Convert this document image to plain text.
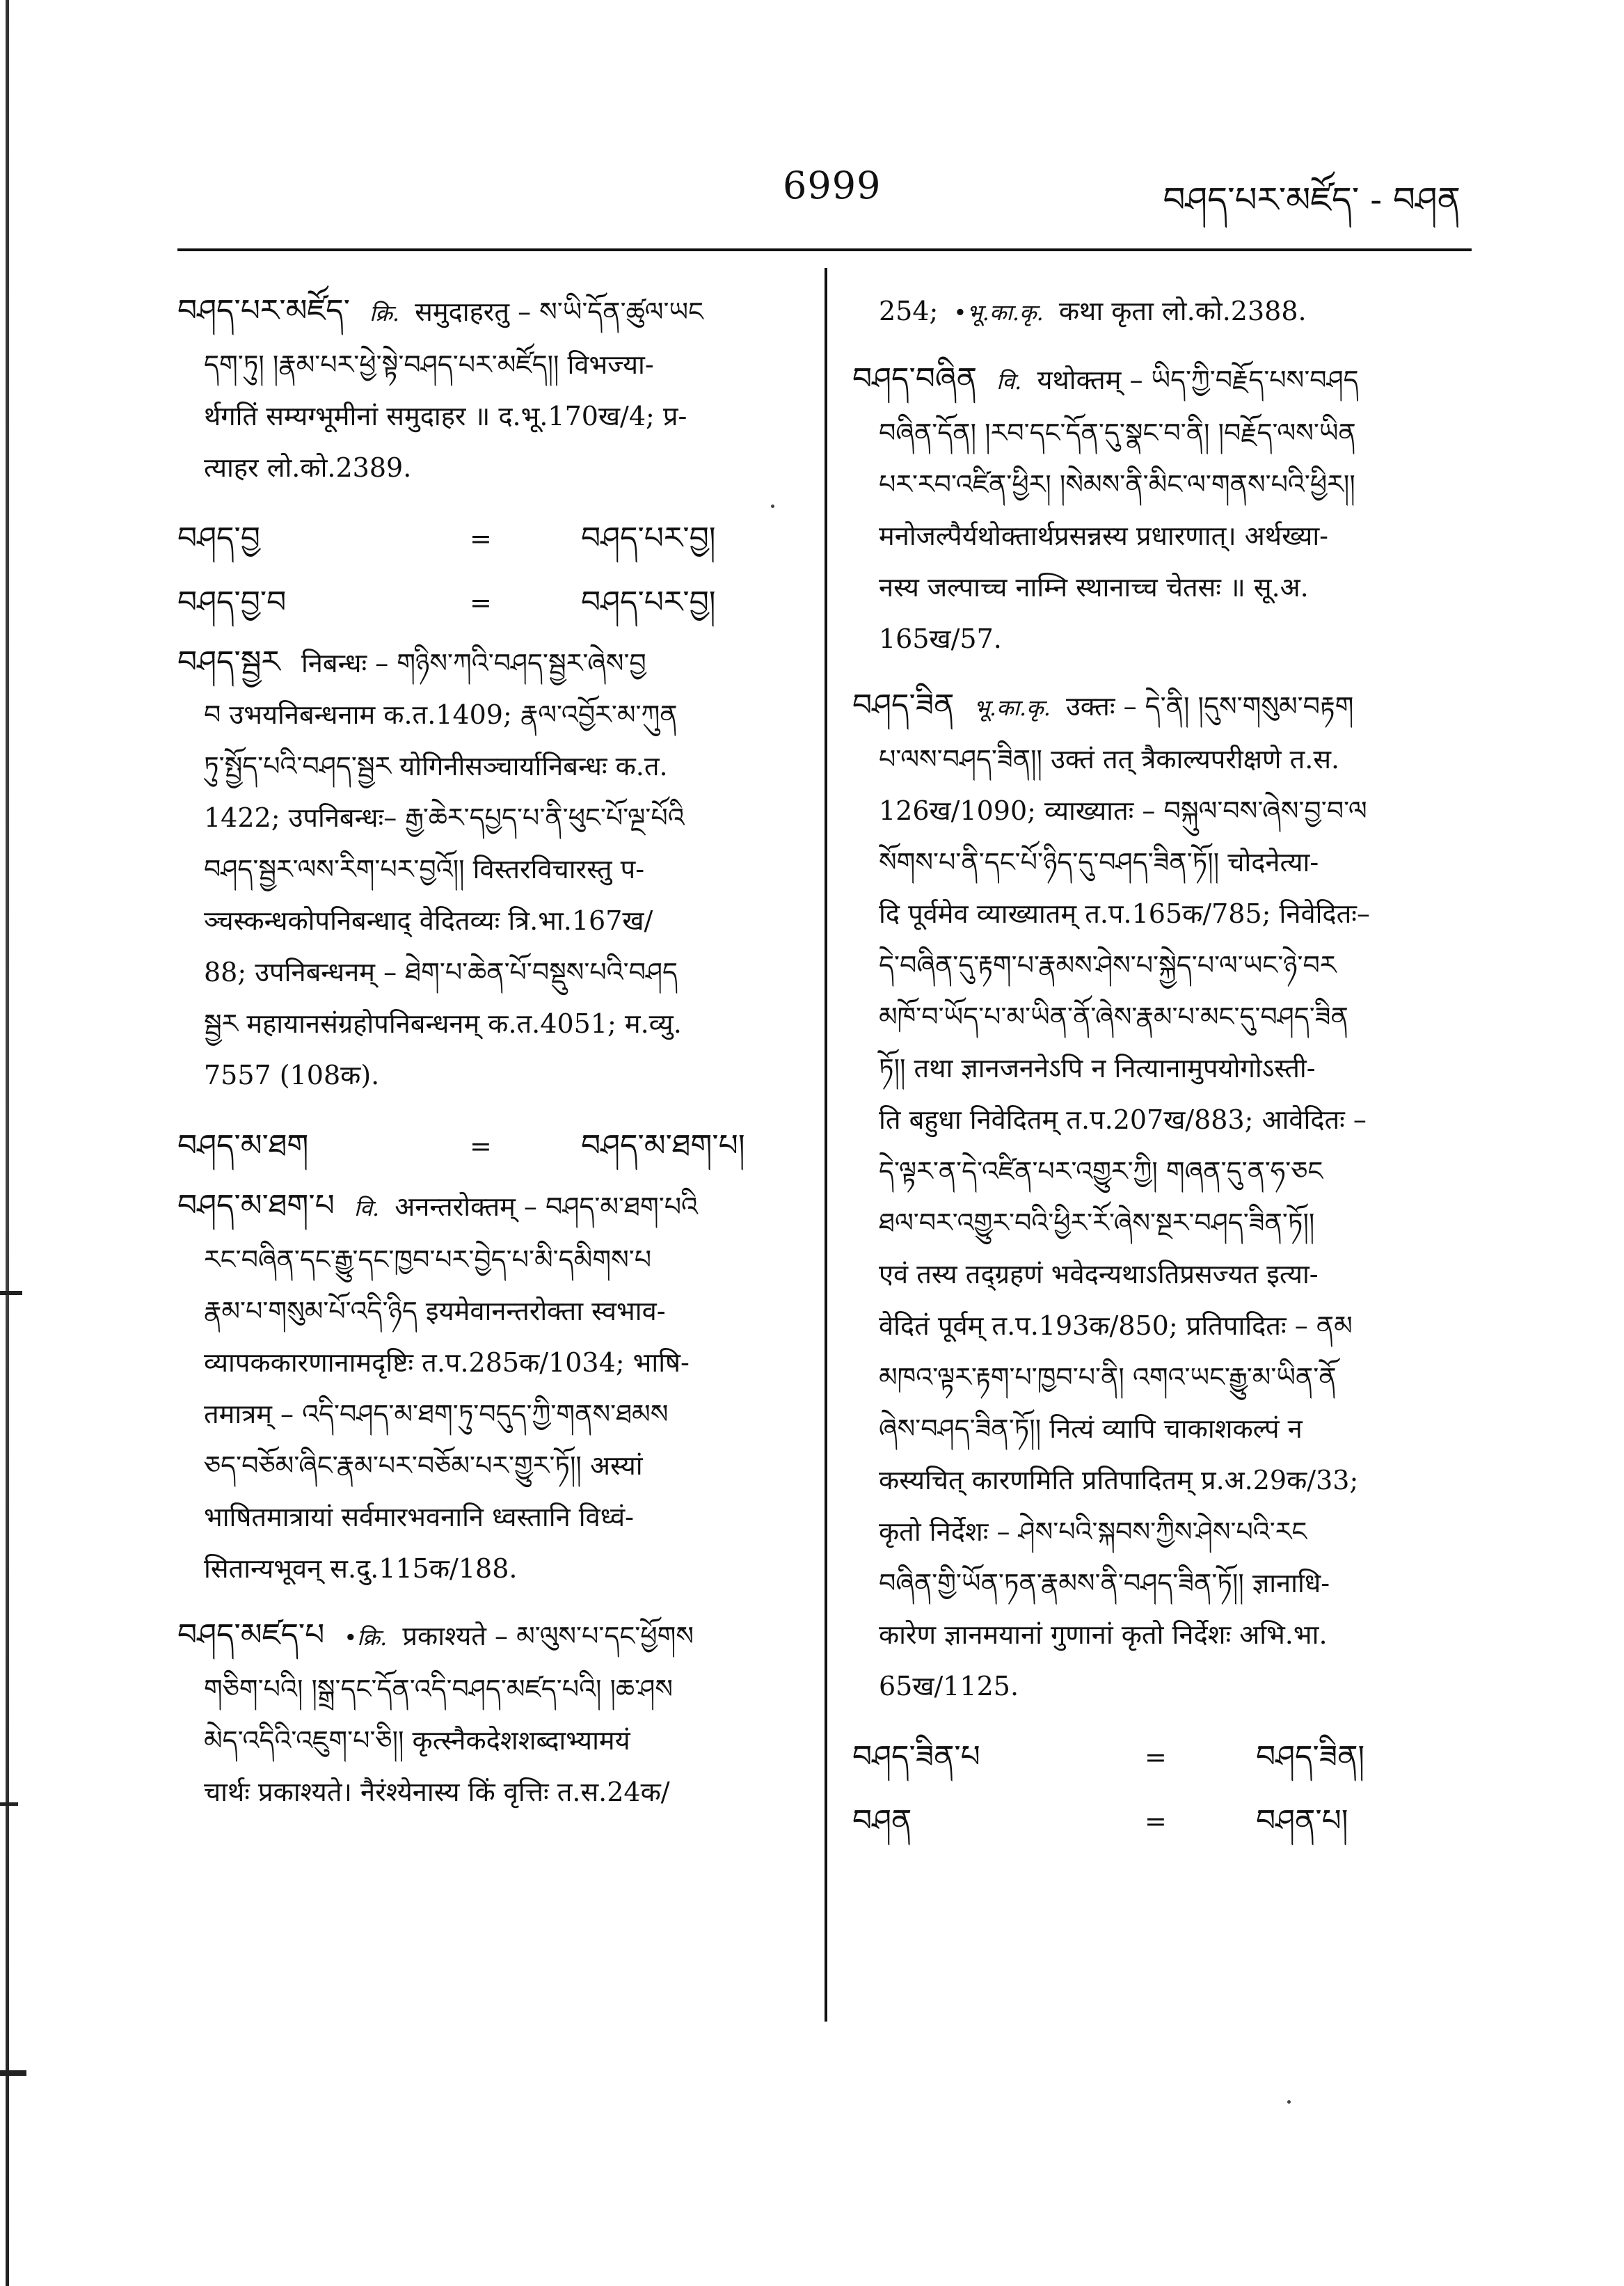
6999	བཤད་པར་མཛོད་ - བཤན

བཤད་པར་མཛོད་ क्रि. समुदाहरतु – ས་ཡི་དོན་ཚུལ་ཡང

དག་ཏུ། །རྣམ་པར་ཕྱེ་སྟེ་བཤད་པར་མཛོད།། विभज्या-

र्थगतिं सम्यग्भूमीनां समुदाहर ॥ द.भू.170ख/4; प्र-

त्याहर लो.को.2389.

བཤད་བྱ	=	བཤད་པར་བྱ།
བཤད་བྱ་བ	=	བཤད་པར་བྱ།

བཤད་སྦྱར निबन्धः – གཉིས་ཀའི་བཤད་སྦྱར་ཞེས་བྱ

བ उभयनिबन्धनाम क.त.1409; རྣལ་འབྱོར་མ་ཀུན

ཏུ་སྤྱོད་པའི་བཤད་སྦྱར योगिनीसञ्चार्यानिबन्धः क.त.

1422; उपनिबन्धः– རྒྱ་ཆེར་དཔྱད་པ་ནི་ཕུང་པོ་ལྔ་པོའི

བཤད་སྦྱར་ལས་རིག་པར་བྱའོ།། विस्तरविचारस्तु प-

ञ्चस्कन्धकोपनिबन्धाद् वेदितव्यः त्रि.भा.167ख/

88; उपनिबन्धनम् – ཐེག་པ་ཆེན་པོ་བསྡུས་པའི་བཤད

སྦྱར महायानसंग्रहोपनिबन्धनम् क.त.4051; म.व्यु.

7557 (108क).

བཤད་མ་ཐག	=	བཤད་མ་ཐག་པ།

བཤད་མ་ཐག་པ वि. अनन्तरोक्तम् – བཤད་མ་ཐག་པའི

རང་བཞིན་དང་རྒྱུ་དང་ཁྱབ་པར་བྱེད་པ་མི་དམིགས་པ

རྣམ་པ་གསུམ་པོ་འདི་ཉིད इयमेवानन्तरोक्ता स्वभाव-

व्यापककारणानामदृष्टिः त.प.285क/1034; भाषि-

तमात्रम् – འདི་བཤད་མ་ཐག་ཏུ་བདུད་ཀྱི་གནས་ཐམས

ཅད་བཅོམ་ཞིང་རྣམ་པར་བཅོམ་པར་གྱུར་ཏོ།། अस्यां

भाषितमात्रायां सर्वमारभवनानि ध्वस्तानि विध्वं-

सितान्यभूवन् स.दु.115क/188.

བཤད་མཛད་པ •क्रि. प्रकाश्यते – མ་ལུས་པ་དང་ཕྱོགས

གཅིག་པའི། །སྒྲ་དང་དོན་འདི་བཤད་མཛད་པའི། །ཆ་ཤས

མེད་འདིའི་འཇུག་པ་ཅི།། कृत्स्नैकदेशशब्दाभ्यामयं

चार्थः प्रकाश्यते। नैरंश्येनास्य किं वृत्तिः त.स.24क/

254; •भू.का.कृ. कथा कृता लो.को.2388.

བཤད་བཞིན वि. यथोक्तम् – ཡིད་ཀྱི་བརྗོད་པས་བཤད

བཞིན་དོན། །རབ་དང་དོན་དུ་སྣང་བ་ནི། །བརྗོད་ལས་ཡིན

པར་རབ་འཛིན་ཕྱིར། །སེམས་ནི་མིང་ལ་གནས་པའི་ཕྱིར།།

मनोजल्पैर्यथोक्तार्थप्रसन्नस्य प्रधारणात्। अर्थख्या-

नस्य जल्पाच्च नाम्नि स्थानाच्च चेतसः ॥ सू.अ.

165ख/57.

བཤད་ཟིན भू.का.कृ. उक्तः – དེ་ནི། །དུས་གསུམ་བརྟག

པ་ལས་བཤད་ཟིན།། उक्तं तत् त्रैकाल्यपरीक्षणे त.स.

126ख/1090; व्याख्यातः – བསྐུལ་བས་ཞེས་བྱ་བ་ལ

སོགས་པ་ནི་དང་པོ་ཉིད་དུ་བཤད་ཟིན་ཏོ།། चोदनेत्या-

दि पूर्वमेव व्याख्यातम् त.प.165क/785; निवेदितः–

དེ་བཞིན་དུ་རྟག་པ་རྣམས་ཤེས་པ་སྐྱེད་པ་ལ་ཡང་ཉེ་བར

མཁོ་བ་ཡོད་པ་མ་ཡིན་ནོ་ཞེས་རྣམ་པ་མང་དུ་བཤད་ཟིན

ཏོ།། तथा ज्ञानजननेऽपि न नित्यानामुपयोगोऽस्ती-

ति बहुधा निवेदितम् त.प.207ख/883; आवेदितः –

དེ་ལྟར་ན་དེ་འཛིན་པར་འགྱུར་ཀྱི། གཞན་དུ་ན་ཧ་ཅང

ཐལ་བར་འགྱུར་བའི་ཕྱིར་རོ་ཞེས་སྔར་བཤད་ཟིན་ཏོ།།

एवं तस्य तद्ग्रहणं भवेदन्यथाऽतिप्रसज्यत इत्या-

वेदितं पूर्वम् त.प.193क/850; प्रतिपादितः – ནམ

མཁའ་ལྟར་རྟག་པ་ཁྱབ་པ་ནི། འགའ་ཡང་རྒྱུ་མ་ཡིན་ནོ

ཞེས་བཤད་ཟིན་ཏོ།། नित्यं व्यापि चाकाशकल्पं न

कस्यचित् कारणमिति प्रतिपादितम् प्र.अ.29क/33;

कृतो निर्देशः – ཤེས་པའི་སྐབས་ཀྱིས་ཤེས་པའི་རང

བཞིན་གྱི་ཡོན་ཏན་རྣམས་ནི་བཤད་ཟིན་ཏོ།། ज्ञानाधि-

कारेण ज्ञानमयानां गुणानां कृतो निर्देशः अभि.भा.

65ख/1125.

བཤད་ཟིན་པ	=	བཤད་ཟིན།
བཤན	=	བཤན་པ།
